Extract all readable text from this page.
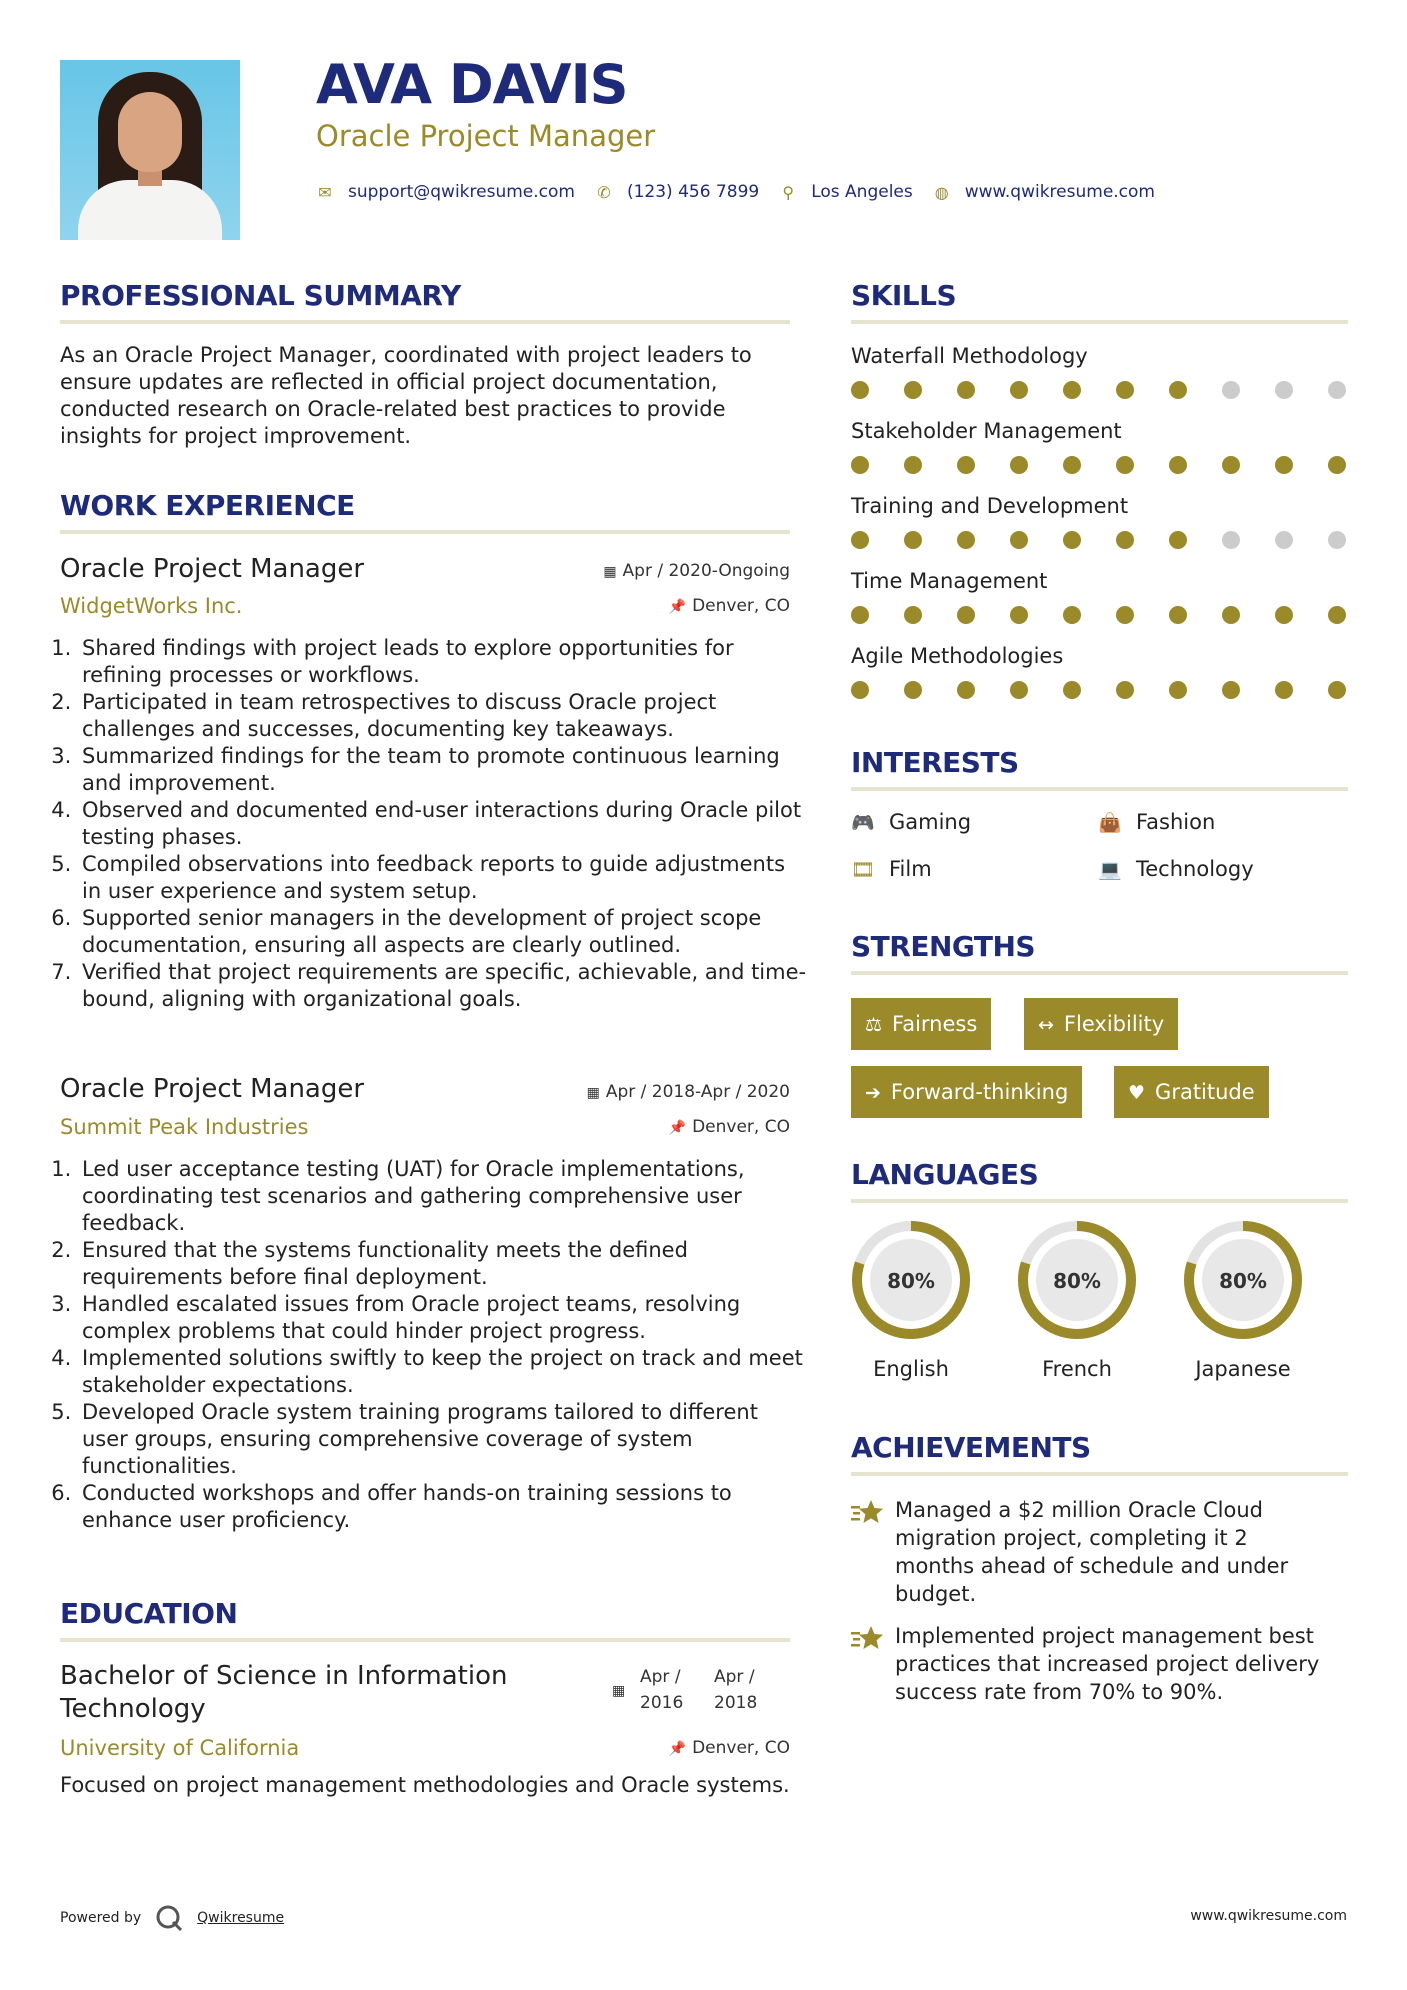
AVA DAVIS
Oracle Project Manager
✉ support@qwikresume.com ✆ (123) 456 7899 ⚲ Los Angeles ◍ www.qwikresume.com
PROFESSIONAL SUMMARY
As an Oracle Project Manager, coordinated with project leaders to ensure updates are reflected in official project documentation, conducted research on Oracle-related best practices to provide insights for project improvement.
WORK EXPERIENCE
Oracle Project Manager	▦ Apr / 2020-Ongoing
WidgetWorks Inc.	📌 Denver, CO
1. Shared findings with project leads to explore opportunities for refining processes or workflows.
2. Participated in team retrospectives to discuss Oracle project challenges and successes, documenting key takeaways.
3. Summarized findings for the team to promote continuous learning and improvement.
4. Observed and documented end-user interactions during Oracle pilot testing phases.
5. Compiled observations into feedback reports to guide adjustments in user experience and system setup.
6. Supported senior managers in the development of project scope documentation, ensuring all aspects are clearly outlined.
7. Verified that project requirements are specific, achievable, and time-bound, aligning with organizational goals.
Oracle Project Manager	▦ Apr / 2018-Apr / 2020
Summit Peak Industries	📌 Denver, CO
1. Led user acceptance testing (UAT) for Oracle implementations, coordinating test scenarios and gathering comprehensive user feedback.
2. Ensured that the systems functionality meets the defined requirements before final deployment.
3. Handled escalated issues from Oracle project teams, resolving complex problems that could hinder project progress.
4. Implemented solutions swiftly to keep the project on track and meet stakeholder expectations.
5. Developed Oracle system training programs tailored to different user groups, ensuring comprehensive coverage of system functionalities.
6. Conducted workshops and offer hands-on training sessions to enhance user proficiency.
EDUCATION
Bachelor of Science in Information Technology
▦
Apr / 2016
Apr / 2018
University of California	📌 Denver, CO
Focused on project management methodologies and Oracle systems.
SKILLS
Waterfall Methodology
Stakeholder Management
Training and Development
Time Management
Agile Methodologies
INTERESTS
🎮 Gaming	👜 Fashion
🎞 Film	💻 Technology
STRENGTHS
⚖ Fairness	↔ Flexibility
➔ Forward-thinking	♥ Gratitude
LANGUAGES
80%
English
80%
French
80%
Japanese
ACHIEVEMENTS
Managed a $2 million Oracle Cloud migration project, completing it 2 months ahead of schedule and under budget.
Implemented project management best practices that increased project delivery success rate from 70% to 90%.
Powered by	Qwikresume	www.qwikresume.com
